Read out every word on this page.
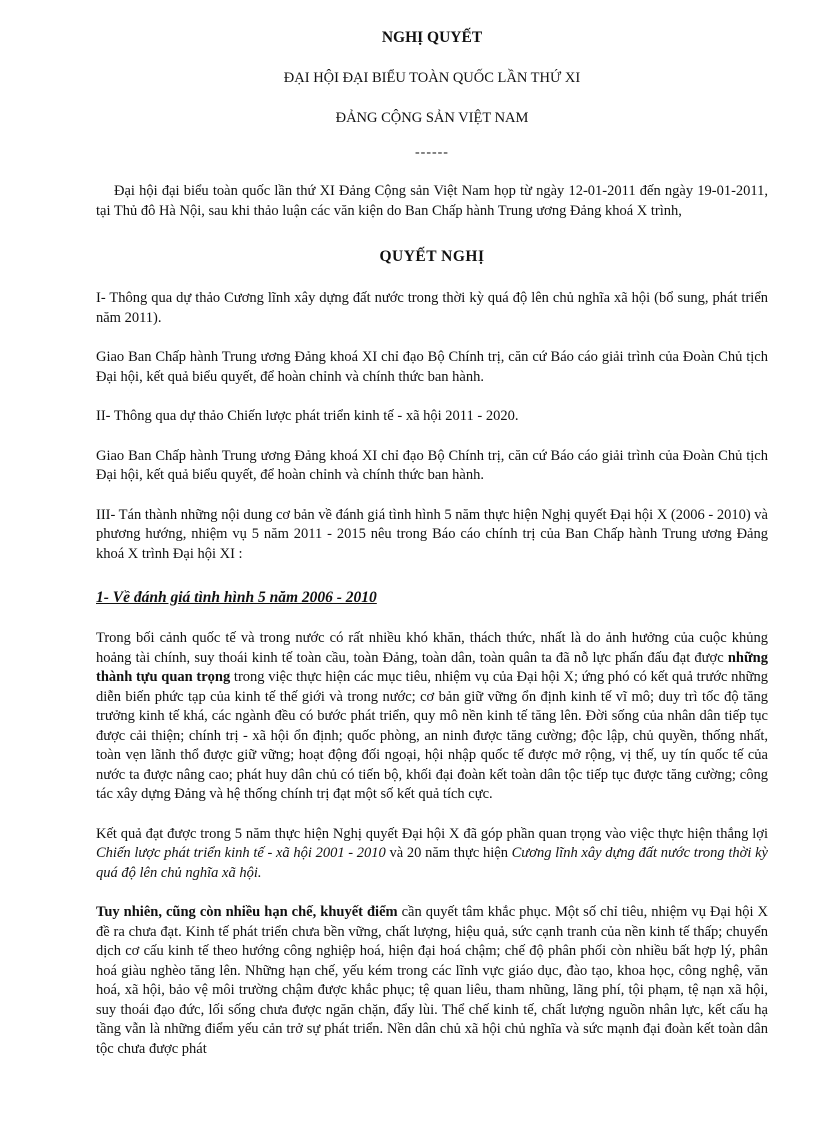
NGHỊ QUYẾT
ĐẠI HỘI ĐẠI BIỂU TOÀN QUỐC LẦN THỨ XI
ĐẢNG CỘNG SẢN VIỆT NAM
------

Đại hội đại biểu toàn quốc lần thứ XI Đảng Cộng sản Việt Nam họp từ ngày 12-01-2011 đến ngày 19-01-2011, tại Thủ đô Hà Nội, sau khi thảo luận các văn kiện do Ban Chấp hành Trung ương Đảng khoá X trình,

QUYẾT NGHỊ

I- Thông qua dự thảo Cương lĩnh xây dựng đất nước trong thời kỳ quá độ lên chủ nghĩa xã hội (bổ sung, phát triển năm 2011).

Giao Ban Chấp hành Trung ương Đảng khoá XI chỉ đạo Bộ Chính trị, căn cứ Báo cáo giải trình của Đoàn Chủ tịch Đại hội, kết quả biểu quyết, để hoàn chỉnh và chính thức ban hành.

II- Thông qua dự thảo Chiến lược phát triển kinh tế - xã hội 2011 - 2020.

Giao Ban Chấp hành Trung ương Đảng khoá XI chỉ đạo Bộ Chính trị, căn cứ Báo cáo giải trình của Đoàn Chủ tịch Đại hội, kết quả biểu quyết, để hoàn chỉnh và chính thức ban hành.

III- Tán thành những nội dung cơ bản về đánh giá tình hình 5 năm thực hiện Nghị quyết Đại hội X (2006 - 2010) và phương hướng, nhiệm vụ 5 năm 2011 - 2015 nêu trong Báo cáo chính trị của Ban Chấp hành Trung ương Đảng khoá X trình Đại hội XI :

1- Về đánh giá tình hình 5 năm 2006 - 2010

Trong bối cảnh quốc tế và trong nước có rất nhiều khó khăn, thách thức, nhất là do ảnh hưởng của cuộc khủng hoảng tài chính, suy thoái kinh tế toàn cầu, toàn Đảng, toàn dân, toàn quân ta đã nỗ lực phấn đấu đạt được những thành tựu quan trọng trong việc thực hiện các mục tiêu, nhiệm vụ của Đại hội X; ứng phó có kết quả trước những diễn biến phức tạp của kinh tế thế giới và trong nước; cơ bản giữ vững ổn định kinh tế vĩ mô; duy trì tốc độ tăng trưởng kinh tế khá, các ngành đều có bước phát triển, quy mô nền kinh tế tăng lên. Đời sống của nhân dân tiếp tục được cải thiện; chính trị - xã hội ổn định; quốc phòng, an ninh được tăng cường; độc lập, chủ quyền, thống nhất, toàn vẹn lãnh thổ được giữ vững; hoạt động đối ngoại, hội nhập quốc tế được mở rộng, vị thế, uy tín quốc tế của nước ta được nâng cao; phát huy dân chủ có tiến bộ, khối đại đoàn kết toàn dân tộc tiếp tục được tăng cường; công tác xây dựng Đảng và hệ thống chính trị đạt một số kết quả tích cực.

Kết quả đạt được trong 5 năm thực hiện Nghị quyết Đại hội X đã góp phần quan trọng vào việc thực hiện thắng lợi Chiến lược phát triển kinh tế - xã hội 2001 - 2010 và 20 năm thực hiện Cương lĩnh xây dựng đất nước trong thời kỳ quá độ lên chủ nghĩa xã hội.

Tuy nhiên, cũng còn nhiều hạn chế, khuyết điểm cần quyết tâm khắc phục. Một số chỉ tiêu, nhiệm vụ Đại hội X đề ra chưa đạt. Kinh tế phát triển chưa bền vững, chất lượng, hiệu quả, sức cạnh tranh của nền kinh tế thấp; chuyển dịch cơ cấu kinh tế theo hướng công nghiệp hoá, hiện đại hoá chậm; chế độ phân phối còn nhiều bất hợp lý, phân hoá giàu nghèo tăng lên. Những hạn chế, yếu kém trong các lĩnh vực giáo dục, đào tạo, khoa học, công nghệ, văn hoá, xã hội, bảo vệ môi trường chậm được khắc phục; tệ quan liêu, tham nhũng, lãng phí, tội phạm, tệ nạn xã hội, suy thoái đạo đức, lối sống chưa được ngăn chặn, đẩy lùi. Thể chế kinh tế, chất lượng nguồn nhân lực, kết cấu hạ tầng vẫn là những điểm yếu cản trở sự phát triển. Nền dân chủ xã hội chủ nghĩa và sức mạnh đại đoàn kết toàn dân tộc chưa được phát
